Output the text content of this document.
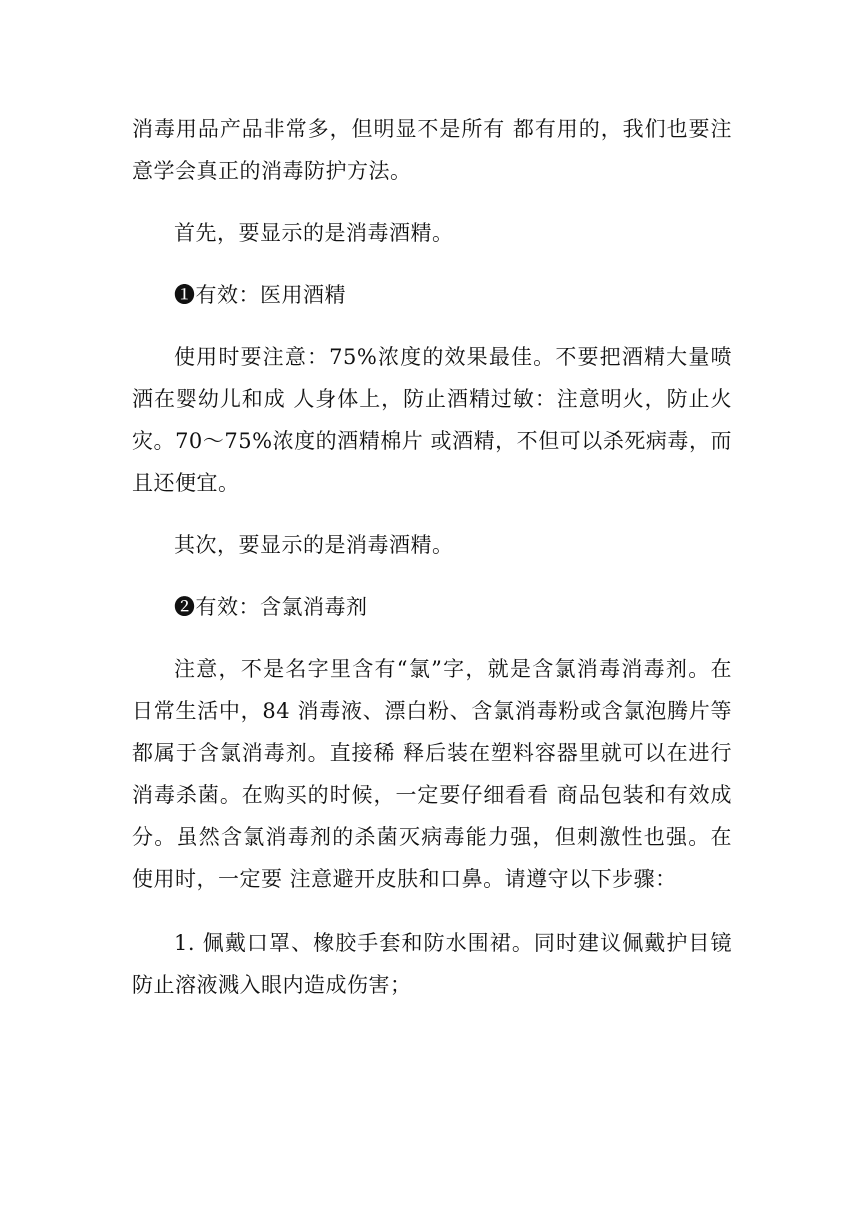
消毒用品产品非常多，但明显不是所有 都有用的，我们也要注意学会真正的消毒防护方法。

首先，要显示的是消毒酒精。

❶有效：医用酒精

使用时要注意：75%浓度的效果最佳。不要把酒精大量喷洒在婴幼儿和成 人身体上，防止酒精过敏：注意明火，防止火灾。70～75%浓度的酒精棉片 或酒精，不但可以杀死病毒，而且还便宜。

其次，要显示的是消毒酒精。

❷有效：含氯消毒剂

注意，不是名字里含有“氯”字，就是含氯消毒消毒剂。在日常生活中，84 消毒液、漂白粉、含氯消毒粉或含氯泡腾片等都属于含氯消毒剂。直接稀 释后装在塑料容器里就可以在进行消毒杀菌。在购买的时候，一定要仔细看看 商品包装和有效成分。虽然含氯消毒剂的杀菌灭病毒能力强，但刺激性也强。在使用时，一定要 注意避开皮肤和口鼻。请遵守以下步骤：

1. 佩戴口罩、橡胶手套和防水围裙。同时建议佩戴护目镜防止溶液溅入眼内造成伤害；
